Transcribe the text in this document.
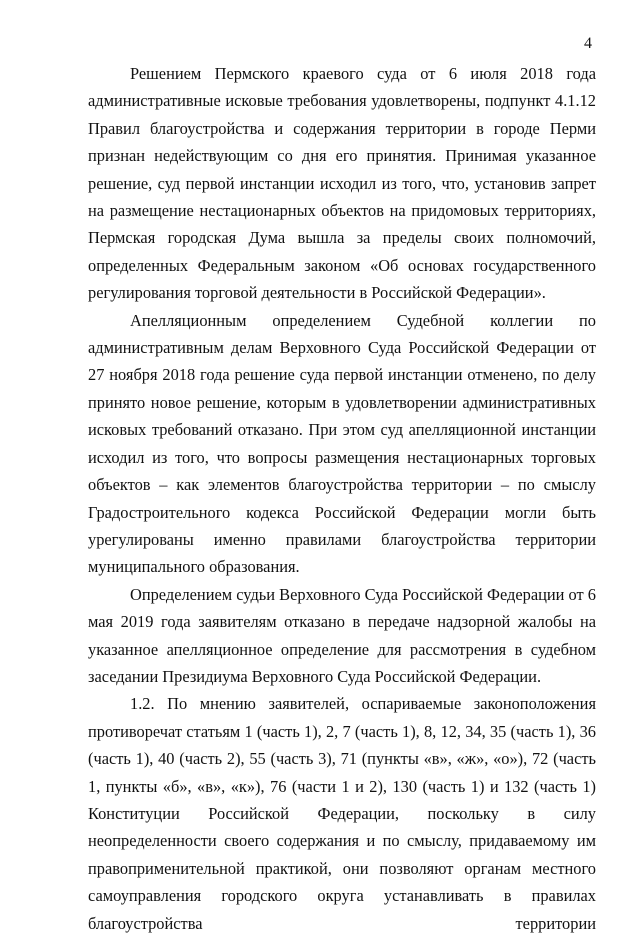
4

Решением Пермского краевого суда от 6 июля 2018 года административные исковые требования удовлетворены, подпункт 4.1.12 Правил благоустройства и содержания территории в городе Перми признан недействующим со дня его принятия. Принимая указанное решение, суд первой инстанции исходил из того, что, установив запрет на размещение нестационарных объектов на придомовых территориях, Пермская городская Дума вышла за пределы своих полномочий, определенных Федеральным законом «Об основах государственного регулирования торговой деятельности в Российской Федерации».

Апелляционным определением Судебной коллегии по административным делам Верховного Суда Российской Федерации от 27 ноября 2018 года решение суда первой инстанции отменено, по делу принято новое решение, которым в удовлетворении административных исковых требований отказано. При этом суд апелляционной инстанции исходил из того, что вопросы размещения нестационарных торговых объектов – как элементов благоустройства территории – по смыслу Градостроительного кодекса Российской Федерации могли быть урегулированы именно правилами благоустройства территории муниципального образования.

Определением судьи Верховного Суда Российской Федерации от 6 мая 2019 года заявителям отказано в передаче надзорной жалобы на указанное апелляционное определение для рассмотрения в судебном заседании Президиума Верховного Суда Российской Федерации.

1.2. По мнению заявителей, оспариваемые законоположения противоречат статьям 1 (часть 1), 2, 7 (часть 1), 8, 12, 34, 35 (часть 1), 36 (часть 1), 40 (часть 2), 55 (часть 3), 71 (пункты «в», «ж», «о»), 72 (часть 1, пункты «б», «в», «к»), 76 (части 1 и 2), 130 (часть 1) и 132 (часть 1) Конституции Российской Федерации, поскольку в силу неопределенности своего содержания и по смыслу, придаваемому им правоприменительной практикой, они позволяют органам местного самоуправления городского округа устанавливать в правилах благоустройства территории
